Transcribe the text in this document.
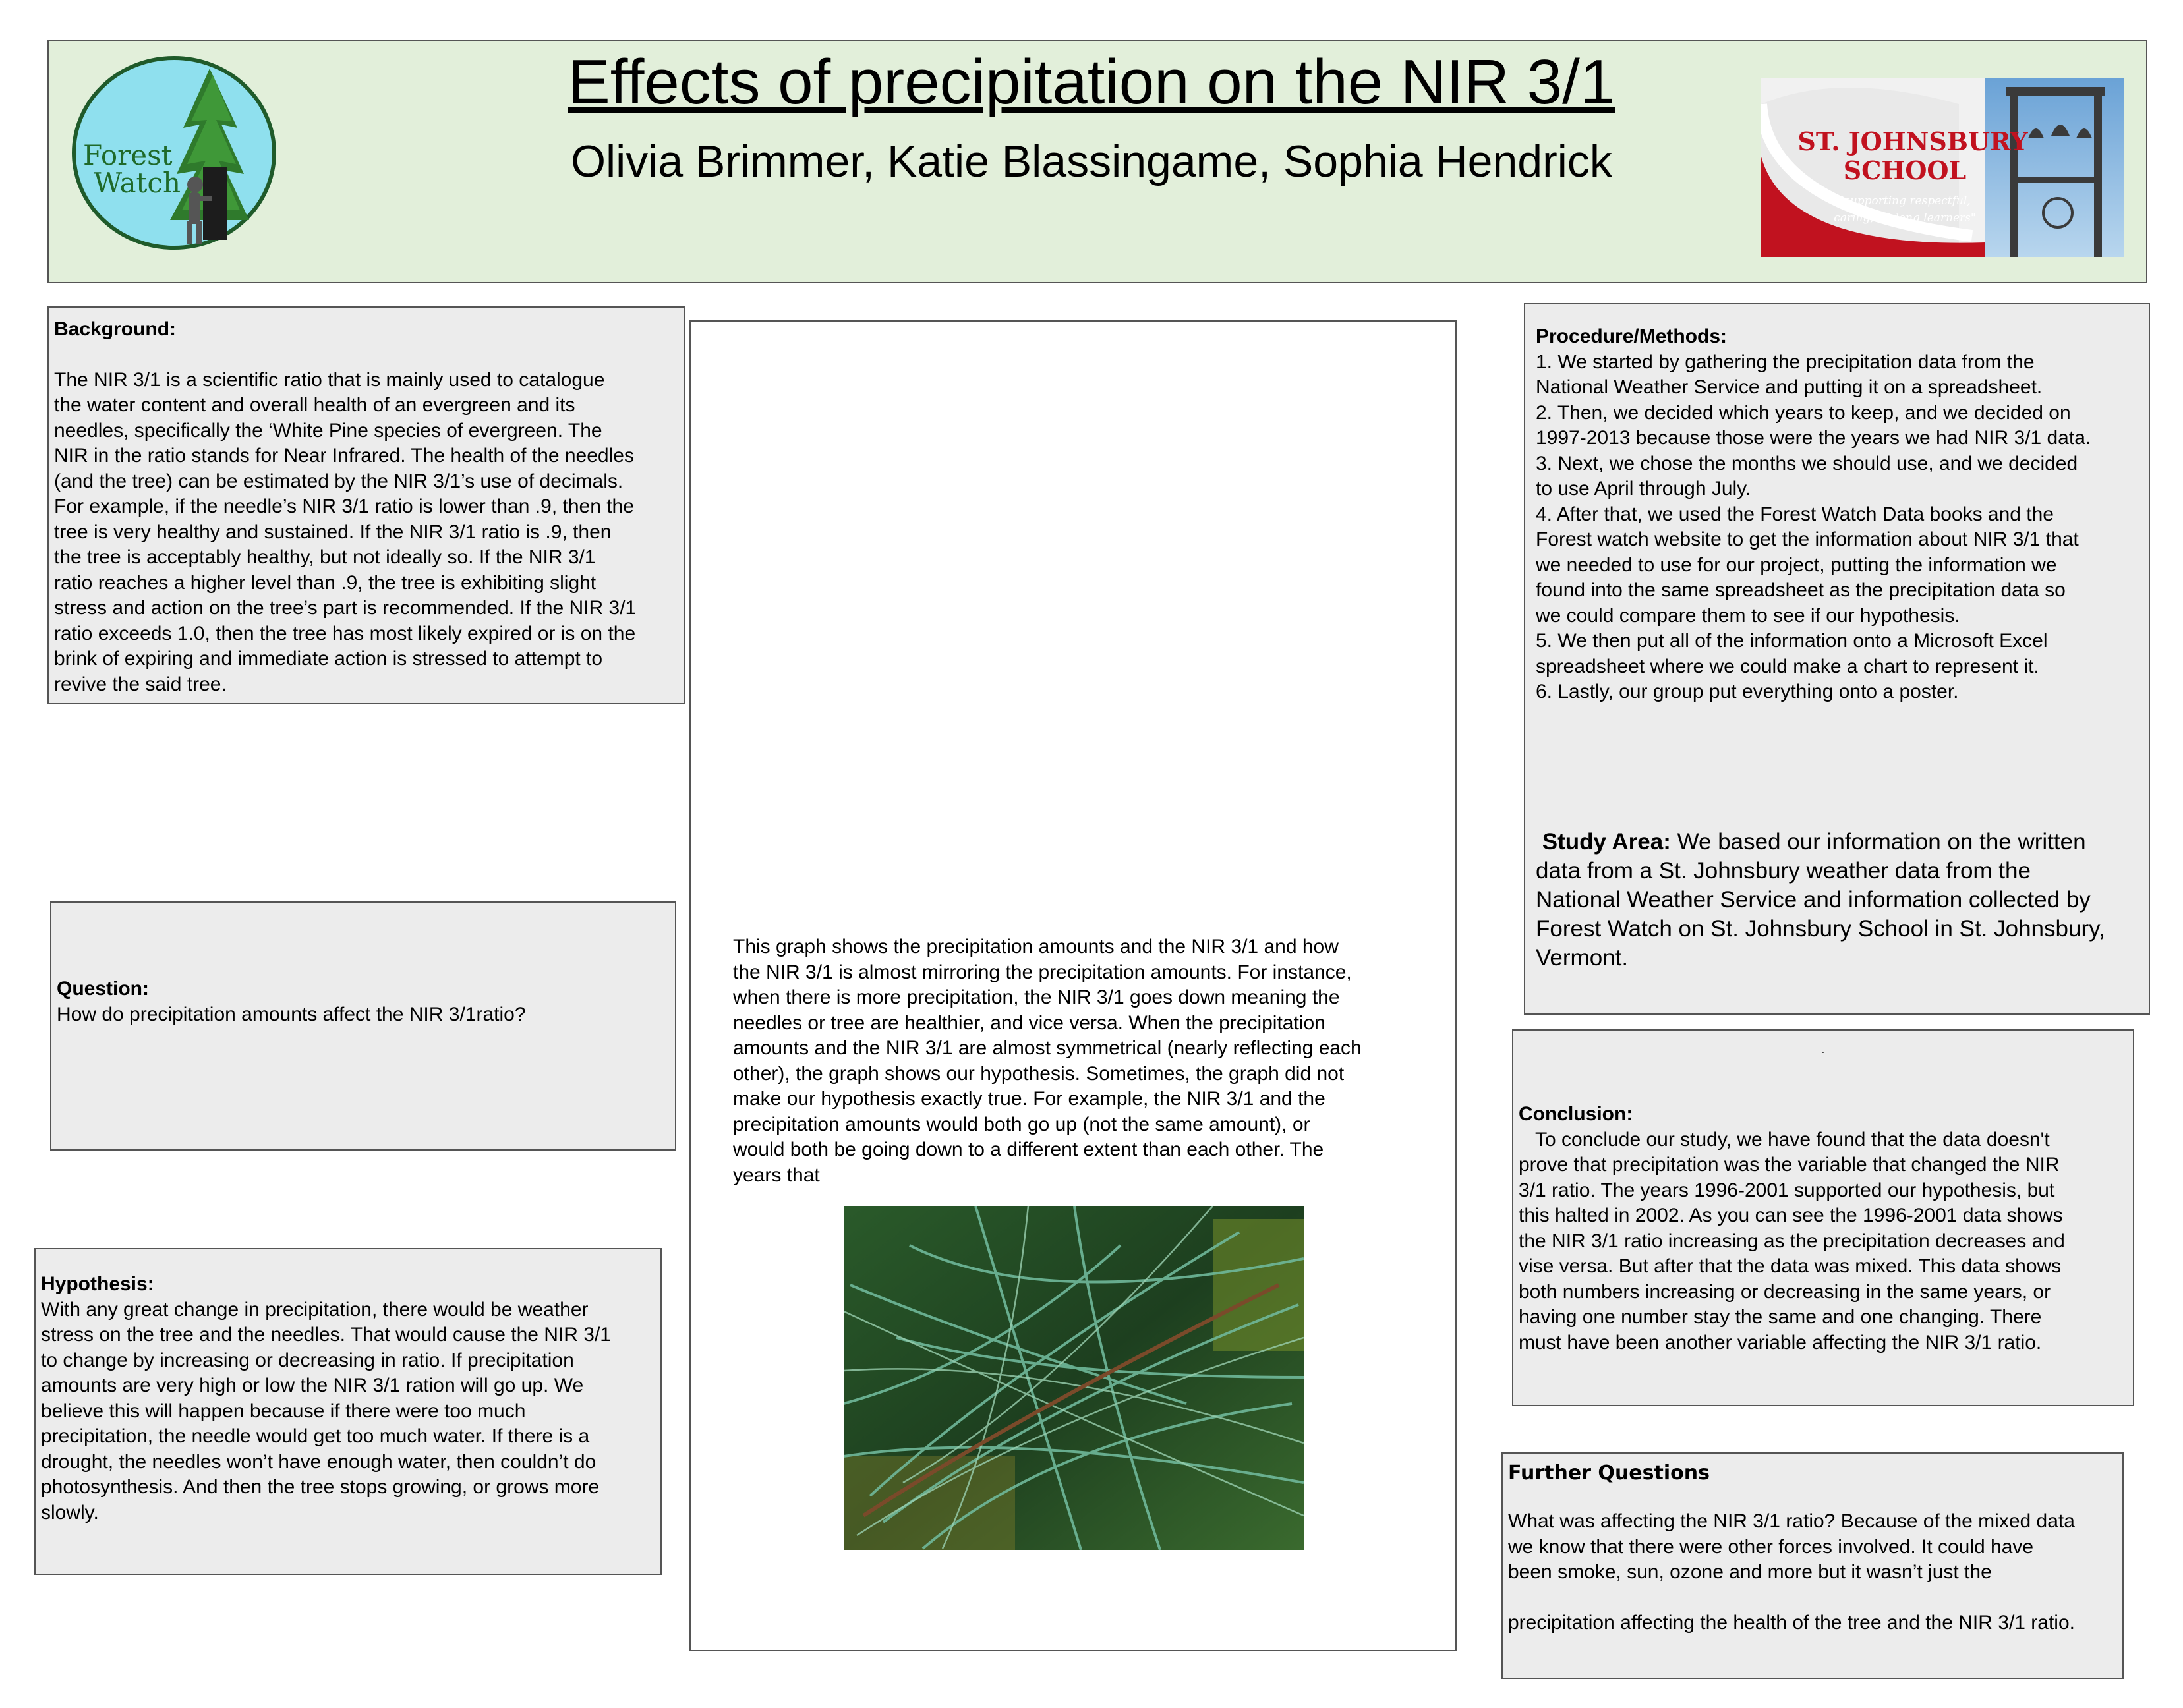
Forest
Watch
Effects of precipitation on the NIR 3/1
Olivia Brimmer, Katie Blassingame, Sophia Hendrick	ST. JOHNSBURY
SCHOOL
"supporting respectful,
caring, lifelong learners"
Background:
The NIR 3/1 is a scientific ratio that is mainly used to catalogue
the water content and overall health of an evergreen and its
needles, specifically the ‘White Pine species of evergreen. The
NIR in the ratio stands for Near Infrared. The health of the needles
(and the tree) can be estimated by the NIR 3/1’s use of decimals.
For example, if the needle’s NIR 3/1 ratio is lower than .9, then the
tree is very healthy and sustained. If the NIR 3/1 ratio is .9, then
the tree is acceptably healthy, but not ideally so. If the NIR 3/1
ratio reaches a higher level than .9, the tree is exhibiting slight
stress and action on the tree’s part is recommended. If the NIR 3/1
ratio exceeds 1.0, then the tree has most likely expired or is on the
brink of expiring and immediate action is stressed to attempt to
revive the said tree.
Question:
How do precipitation amounts affect the NIR 3/1ratio?
Hypothesis:
With any great change in precipitation, there would be weather
stress on the tree and the needles. That would cause the NIR 3/1
to change by increasing or decreasing in ratio. If precipitation
amounts are very high or low the NIR 3/1 ration will go up. We
believe this will happen because if there were too much
precipitation, the needle would get too much water. If there is a
drought, the needles won’t have enough water, then couldn’t do
photosynthesis. And then the tree stops growing, or grows more
slowly.
This graph shows the precipitation amounts and the NIR 3/1 and how
the NIR 3/1 is almost mirroring the precipitation amounts. For instance,
when there is more precipitation, the NIR 3/1 goes down meaning the
needles or tree are healthier, and vice versa. When the precipitation
amounts and the NIR 3/1 are almost symmetrical (nearly reflecting each
other), the graph shows our hypothesis. Sometimes, the graph did not
make our hypothesis exactly true. For example, the NIR 3/1 and the
precipitation amounts would both go up (not the same amount), or
would both be going down to a different extent than each other. The
years that
Procedure/Methods:
1. We started by gathering the precipitation data from the
National Weather Service and putting it on a spreadsheet.
2. Then, we decided which years to keep, and we decided on
1997-2013 because those were the years we had NIR 3/1 data.
3. Next, we chose the months we should use, and we decided
to use April through July.
4. After that, we used the Forest Watch Data books and the
Forest watch website to get the information about NIR 3/1 that
we needed to use for our project, putting the information we
found into the same spreadsheet as the precipitation data so
we could compare them to see if our hypothesis.
5. We then put all of the information onto a Microsoft Excel
spreadsheet where we could make a chart to represent it.
6. Lastly, our group put everything onto a poster.
Study Area: We based our information on the written
data from a St. Johnsbury weather data from the
National Weather Service and information collected by
Forest Watch on St. Johnsbury School in St. Johnsbury,
Vermont.
.
Conclusion:
To conclude our study, we have found that the data doesn't
prove that precipitation was the variable that changed the NIR
3/1 ratio. The years 1996-2001 supported our hypothesis, but
this halted in 2002. As you can see the 1996-2001 data shows
the NIR 3/1 ratio increasing as the precipitation decreases and
vise versa. But after that the data was mixed. This data shows
both numbers increasing or decreasing in the same years, or
having one number stay the same and one changing. There
must have been another variable affecting the NIR 3/1 ratio.
Further Questions
What was affecting the NIR 3/1 ratio? Because of the mixed data
we know that there were other forces involved. It could have
been smoke, sun, ozone and more but it wasn’t just the

precipitation affecting the health of the tree and the NIR 3/1 ratio.
